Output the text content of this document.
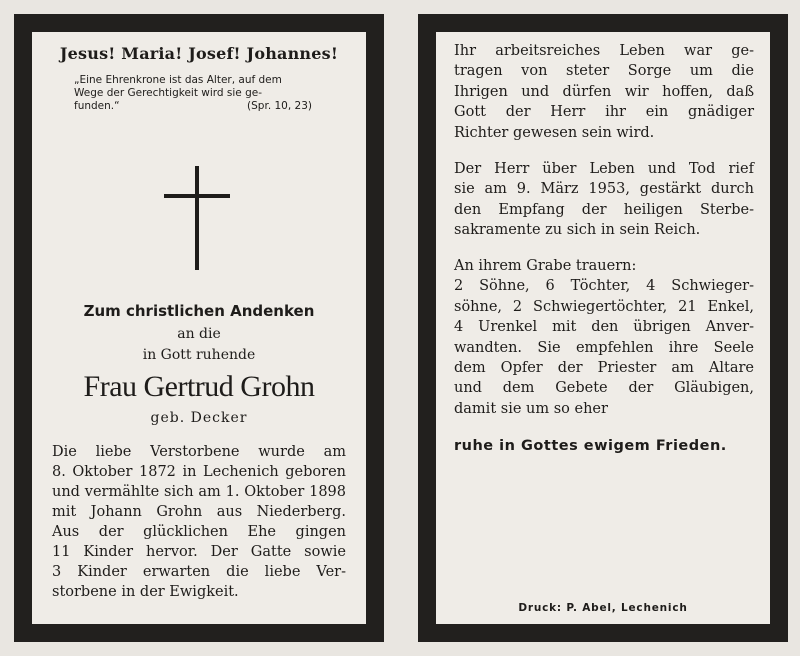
Jesus! Maria! Josef! Johannes!
„Eine Ehrenkrone ist das Alter, auf dem
Wege der Gerechtigkeit wird sie ge-
funden.“	(Spr. 10, 23)
Zum christlichen Andenken
an die
in Gott ruhende
Frau Gertrud Grohn
geb. Decker
Die liebe Verstorbene wurde am
8. Oktober 1872 in Lechenich geboren
und vermählte sich am 1. Oktober 1898
mit Johann Grohn aus Niederberg.
Aus der glücklichen Ehe gingen
11 Kinder hervor. Der Gatte sowie
3 Kinder erwarten die liebe Ver-
storbene in der Ewigkeit.
Ihr arbeitsreiches Leben war ge-
tragen von steter Sorge um die
Ihrigen und dürfen wir hoffen, daß
Gott der Herr ihr ein gnädiger
Richter gewesen sein wird.
Der Herr über Leben und Tod rief
sie am 9. März 1953, gestärkt durch
den Empfang der heiligen Sterbe-
sakramente zu sich in sein Reich.
An ihrem Grabe trauern:
2 Söhne, 6 Töchter, 4 Schwieger-
söhne, 2 Schwiegertöchter, 21 Enkel,
4 Urenkel mit den übrigen Anver-
wandten. Sie empfehlen ihre Seele
dem Opfer der Priester am Altare
und dem Gebete der Gläubigen,
damit sie um so eher
ruhe in Gottes ewigem Frieden.
Druck: P. Abel, Lechenich
